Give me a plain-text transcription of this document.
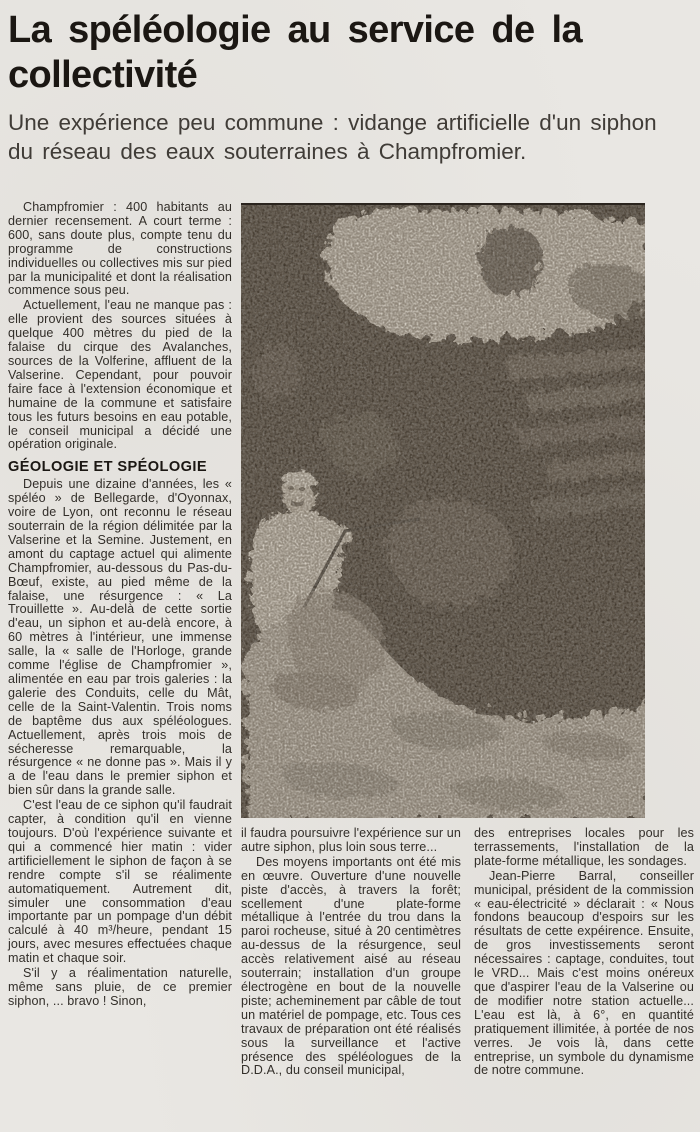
La spéléologie au service de la collectivité

Une expérience peu commune : vidange artificielle d'un siphon du réseau des eaux souterraines à Champfromier.

Champfromier : 400 habitants au dernier recensement. A court terme : 600, sans doute plus, compte tenu du programme de constructions individuelles ou collectives mis sur pied par la municipalité et dont la réalisation commence sous peu.

Actuellement, l'eau ne manque pas : elle provient des sources situées à quelque 400 mètres du pied de la falaise du cirque des Avalanches, sources de la Volferine, affluent de la Valserine. Cependant, pour pouvoir faire face à l'extension économique et humaine de la commune et satisfaire tous les futurs besoins en eau potable, le conseil municipal a décidé une opération originale.

GÉOLOGIE ET SPÉOLOGIE

Depuis une dizaine d'années, les « spéléo » de Bellegarde, d'Oyonnax, voire de Lyon, ont reconnu le réseau souterrain de la région délimitée par la Valserine et la Semine. Justement, en amont du captage actuel qui alimente Champfromier, au-dessous du Pas-du-Bœuf, existe, au pied même de la falaise, une résurgence : « La Trouillette ». Au-delà de cette sortie d'eau, un siphon et au-delà encore, à 60 mètres à l'intérieur, une immense salle, la « salle de l'Horloge, grande comme l'église de Champfromier », alimentée en eau par trois galeries : la galerie des Conduits, celle du Mât, celle de la Saint-Valentin. Trois noms de baptême dus aux spéléologues. Actuellement, après trois mois de sécheresse remarquable, la résurgence « ne donne pas ». Mais il y a de l'eau dans le premier siphon et bien sûr dans la grande salle.

C'est l'eau de ce siphon qu'il faudrait capter, à condition qu'il en vienne toujours. D'où l'expérience suivante et qui a commencé hier matin : vider artificiellement le siphon de façon à se rendre compte s'il se réalimente automatiquement. Autrement dit, simuler une consommation d'eau importante par un pompage d'un débit calculé à 40 m³/heure, pendant 15 jours, avec mesures effectuées chaque matin et chaque soir.

S'il y a réalimentation naturelle, même sans pluie, de ce premier siphon, ... bravo ! Sinon,

il faudra poursuivre l'expérience sur un autre siphon, plus loin sous terre...

Des moyens importants ont été mis en œuvre. Ouverture d'une nouvelle piste d'accès, à travers la forêt; scellement d'une plate-forme métallique à l'entrée du trou dans la paroi rocheuse, situé à 20 centimètres au-dessus de la résurgence, seul accès relativement aisé au réseau souterrain; installation d'un groupe électrogène en bout de la nouvelle piste; acheminement par câble de tout un matériel de pompage, etc. Tous ces travaux de préparation ont été réalisés sous la surveillance et l'active présence des spéléologues de la D.D.A., du conseil municipal,

des entreprises locales pour les terrassements, l'installation de la plate-forme métallique, les sondages.

Jean-Pierre Barral, conseiller municipal, président de la commission « eau-électricité » déclarait : « Nous fondons beaucoup d'espoirs sur les résultats de cette expéirence. Ensuite, de gros investissements seront nécessaires : captage, conduites, tout le VRD... Mais c'est moins onéreux que d'aspirer l'eau de la Valserine ou de modifier notre station actuelle... L'eau est là, à 6°, en quantité pratiquement illimitée, à portée de nos verres. Je vois là, dans cette entreprise, un symbole du dynamisme de notre commune.
